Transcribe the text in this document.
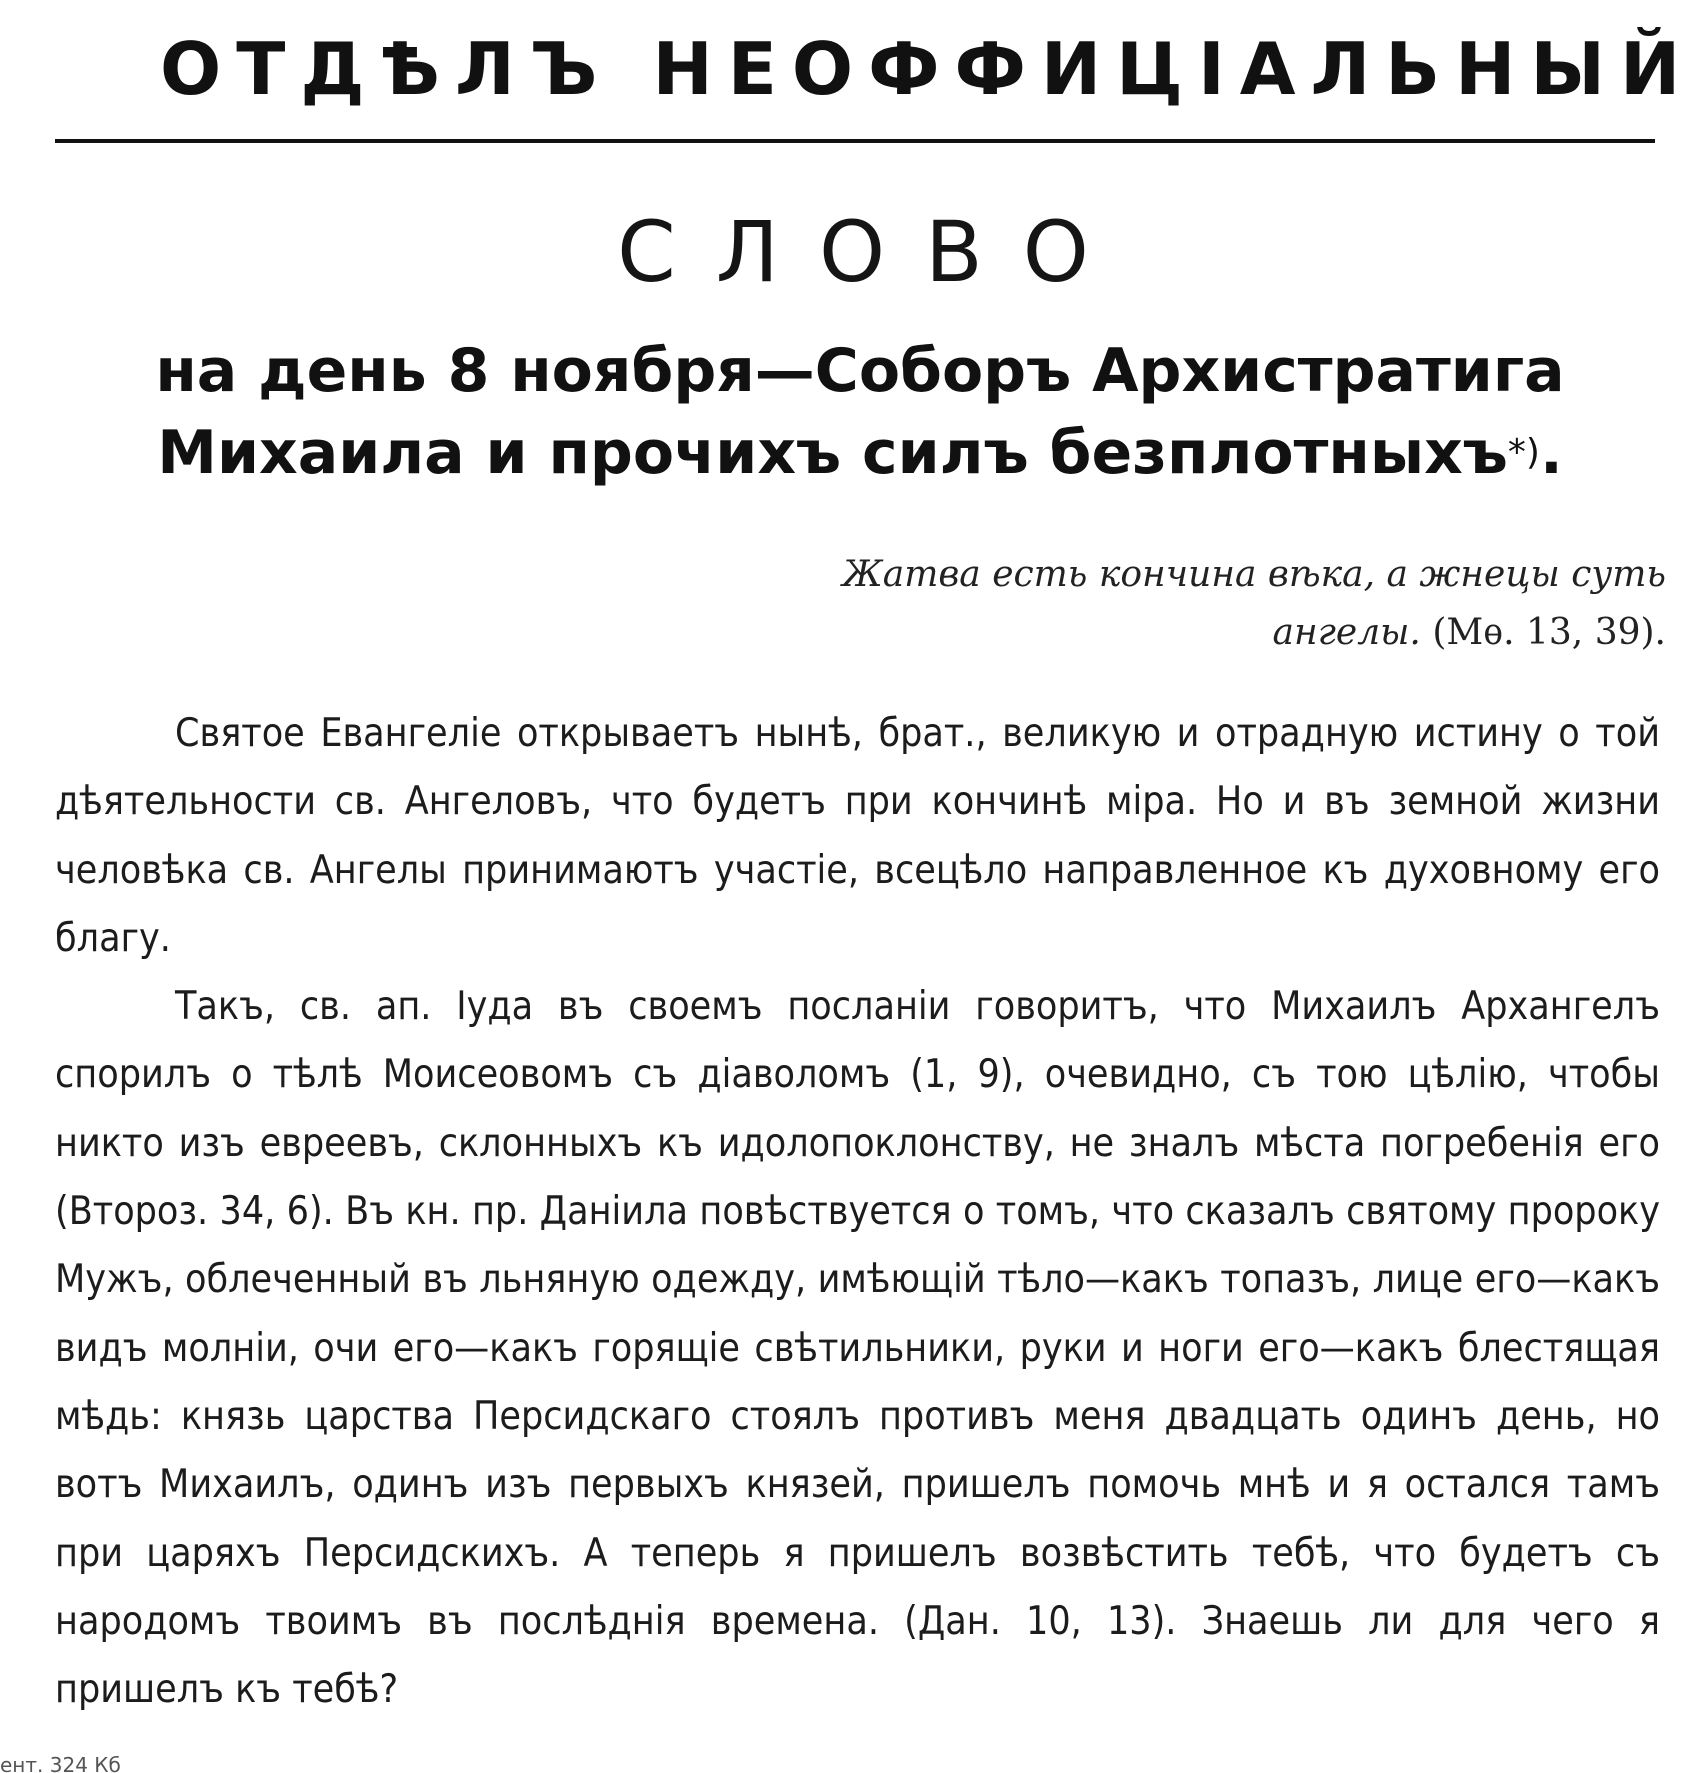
ОТДѢЛЪ НЕОФФИЦІАЛЬНЫЙ
СЛОВО
на день 8 ноября—Соборъ Архистратига
Михаила и прочихъ силъ безплотныхъ*).
Жатва есть кончина вѣка, а жнецы суть ангелы. (Мѳ. 13, 39).

Святое Евангеліе открываетъ нынѣ, брат., великую и отрадную истину о той дѣятельности св. Ангеловъ, что будетъ при кончинѣ міра. Но и въ земной жизни человѣка св. Ангелы принимаютъ участіе, всецѣло направленное къ духовному его благу.

Такъ, св. ап. Іуда въ своемъ посланіи говоритъ, что Михаилъ Архангелъ спорилъ о тѣлѣ Моисеовомъ съ діаволомъ (1, 9), очевидно, съ тою цѣлію, чтобы никто изъ евреевъ, склонныхъ къ идолопоклонству, не зналъ мѣста погребенія его (Второз. 34, 6). Въ кн. пр. Даніила повѣствуется о томъ, что сказалъ святому пророку Мужъ, облеченный въ льняную одежду, имѣющій тѣло—какъ топазъ, лице его—какъ видъ молніи, очи его—какъ горящіе свѣтильники, руки и ноги его—какъ блестящая мѣдь: князь царства Персидскаго стоялъ противъ меня двадцать одинъ день, но вотъ Михаилъ, одинъ изъ первыхъ князей, пришелъ помочь мнѣ и я остался тамъ при царяхъ Персидскихъ. А теперь я пришелъ возвѣстить тебѣ, что будетъ съ народомъ твоимъ въ послѣднія времена. (Дан. 10, 13). Знаешь ли для чего я пришелъ къ тебѣ?

ент. 324 Кб
